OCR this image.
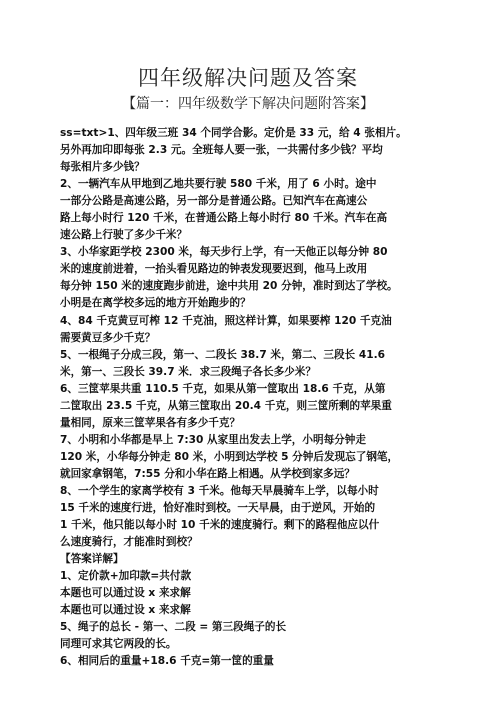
四年级解决问题及答案
【篇一：四年级数学下解决问题附答案】
ss=txt>1、四年级三班 34 个同学合影。定价是 33 元，给 4 张相片。
另外再加印即每张 2.3 元。全班每人要一张，一共需付多少钱？平均
每张相片多少钱？
2、一辆汽车从甲地到乙地共要行驶 580 千米，用了 6 小时。途中
一部分公路是高速公路，另一部分是普通公路。已知汽车在高速公
路上每小时行 120 千米，在普通公路上每小时行 80 千米。汽车在高
速公路上行驶了多少千米？
3、小华家距学校 2300 米，每天步行上学，有一天他正以每分钟 80
米的速度前进着，一抬头看见路边的钟表发现要迟到，他马上改用
每分钟 150 米的速度跑步前进，途中共用 20 分钟，准时到达了学校。
小明是在离学校多远的地方开始跑步的？
4、84 千克黄豆可榨 12 千克油，照这样计算，如果要榨 120 千克油
需要黄豆多少千克？
5、一根绳子分成三段，第一、二段长 38.7 米，第二、三段长 41.6
米，第一、三段长 39.7 米．求三段绳子各长多少米？
6、三筐苹果共重 110.5 千克，如果从第一筐取出 18.6 千克，从第
二筐取出 23.5 千克，从第三筐取出 20.4 千克，则三筐所剩的苹果重
量相同，原来三筐苹果各有多少千克？
7、小明和小华都是早上 7:30 从家里出发去上学，小明每分钟走
120 米，小华每分钟走 80 米，小明到达学校 5 分钟后发现忘了钢笔，
就回家拿钢笔，7:55 分和小华在路上相遇。从学校到家多远？
8、一个学生的家离学校有 3 千米。他每天早晨骑车上学，以每小时
15 千米的速度行进，恰好准时到校。一天早晨，由于逆风，开始的
1 千米，他只能以每小时 10 千米的速度骑行。剩下的路程他应以什
么速度骑行，才能准时到校？
【答案详解】
1、定价款+加印款=共付款
本题也可以通过设 x 来求解
本题也可以通过设 x 来求解
5、绳子的总长 - 第一、二段 = 第三段绳子的长
同理可求其它两段的长。
6、相同后的重量+18.6 千克=第一筐的重量
